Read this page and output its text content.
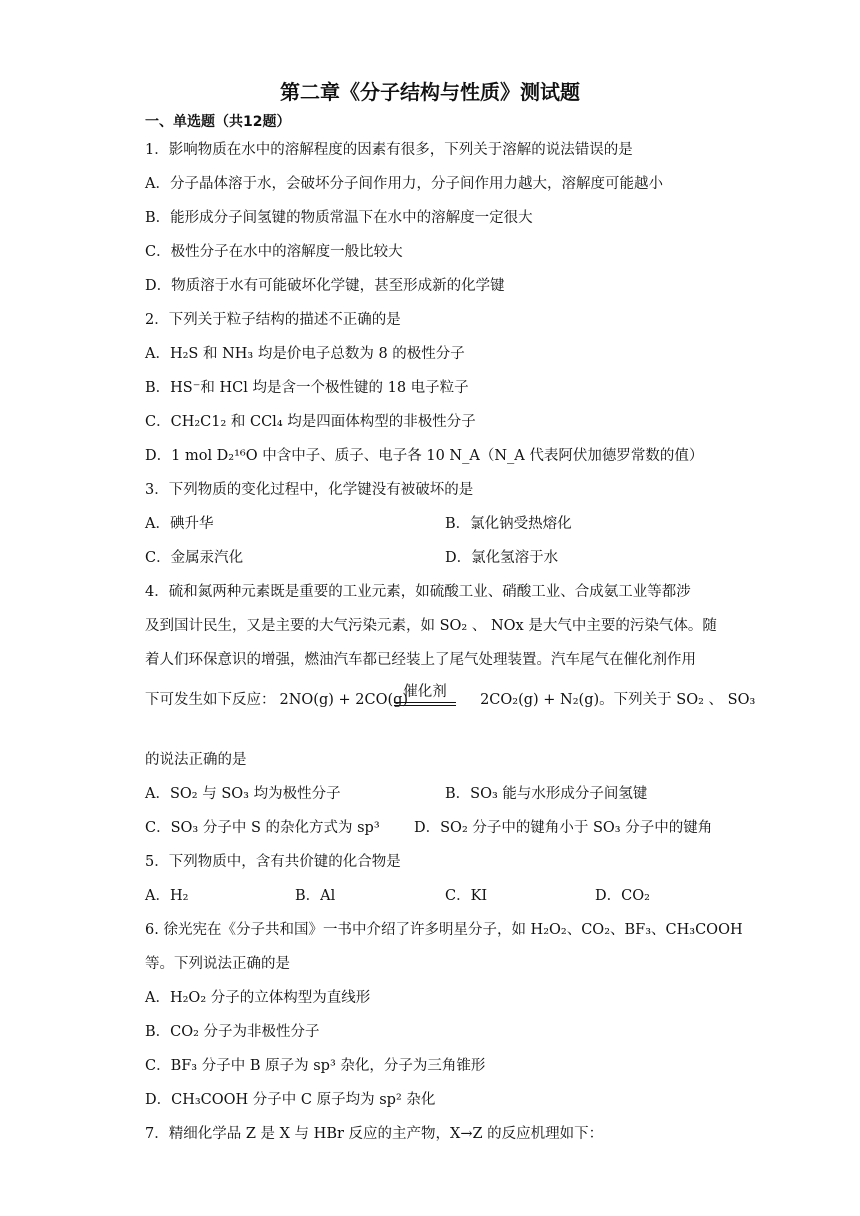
第二章《分子结构与性质》测试题
一、单选题（共12题）
1．影响物质在水中的溶解程度的因素有很多，下列关于溶解的说法错误的是
A．分子晶体溶于水，会破坏分子间作用力，分子间作用力越大，溶解度可能越小
B．能形成分子间氢键的物质常温下在水中的溶解度一定很大
C．极性分子在水中的溶解度一般比较大
D．物质溶于水有可能破坏化学键，甚至形成新的化学键
2．下列关于粒子结构的描述不正确的是
A．H₂S 和 NH₃ 均是价电子总数为 8 的极性分子
B．HS⁻和 HCl 均是含一个极性键的 18 电子粒子
C．CH₂C1₂ 和 CCl₄ 均是四面体构型的非极性分子
D．1 mol D₂¹⁶O 中含中子、质子、电子各 10 N_A（N_A 代表阿伏加德罗常数的值）
3．下列物质的变化过程中，化学键没有被破坏的是
A．碘升华	B．氯化钠受热熔化
C．金属汞汽化	D．氯化氢溶于水
4．硫和氮两种元素既是重要的工业元素，如硫酸工业、硝酸工业、合成氨工业等都涉
及到国计民生，又是主要的大气污染元素，如 SO₂ 、 NOx 是大气中主要的污染气体。随
着人们环保意识的增强，燃油汽车都已经装上了尾气处理装置。汽车尾气在催化剂作用
下可发生如下反应： 2NO(g) + 2CO(g)	2CO₂(g) + N₂(g)。下列关于 SO₂ 、 SO₃
催化剂
的说法正确的是
A．SO₂ 与 SO₃ 均为极性分子	B．SO₃ 能与水形成分子间氢键
C．SO₃ 分子中 S 的杂化方式为 sp³ D．SO₂ 分子中的键角小于 SO₃ 分子中的键角
5．下列物质中，含有共价键的化合物是
A．H₂	B．Al	C．KI	D．CO₂
6. 徐光宪在《分子共和国》一书中介绍了许多明星分子，如 H₂O₂、CO₂、BF₃、CH₃COOH
等。下列说法正确的是
A．H₂O₂ 分子的立体构型为直线形
B．CO₂ 分子为非极性分子
C．BF₃ 分子中 B 原子为 sp³ 杂化，分子为三角锥形
D．CH₃COOH 分子中 C 原子均为 sp² 杂化
7．精细化学品 Z 是 X 与 HBr 反应的主产物，X→Z 的反应机理如下：
